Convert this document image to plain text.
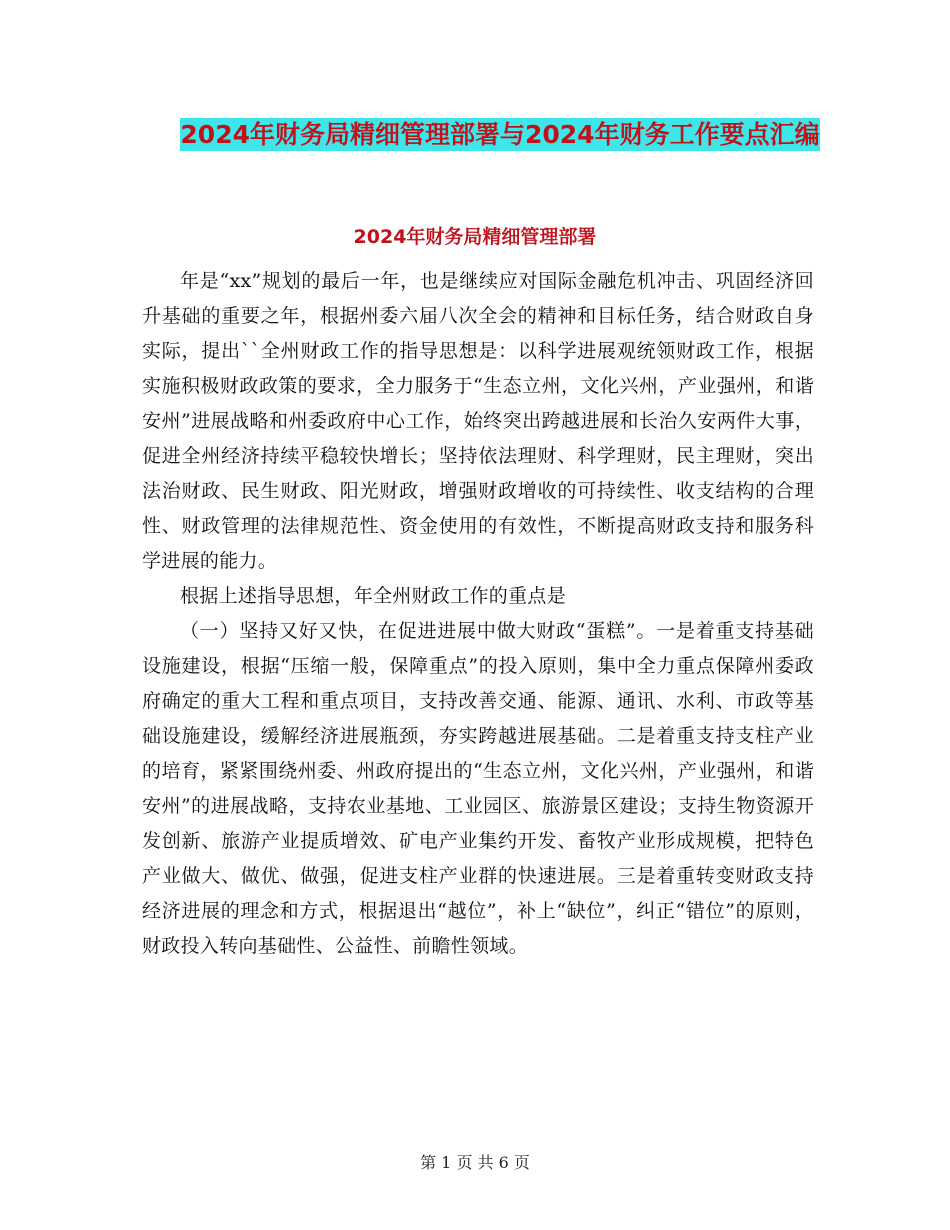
2024年财务局精细管理部署与2024年财务工作要点汇编
2024年财务局精细管理部署

年是“xx”规划的最后一年，也是继续应对国际金融危机冲击、巩固经济回升基础的重要之年，根据州委六届八次全会的精神和目标任务，结合财政自身实际，提出``全州财政工作的指导思想是：以科学进展观统领财政工作，根据实施积极财政政策的要求，全力服务于“生态立州，文化兴州，产业强州，和谐安州”进展战略和州委政府中心工作，始终突出跨越进展和长治久安两件大事，促进全州经济持续平稳较快增长；坚持依法理财、科学理财，民主理财，突出法治财政、民生财政、阳光财政，增强财政增收的可持续性、收支结构的合理性、财政管理的法律规范性、资金使用的有效性，不断提高财政支持和服务科学进展的能力。

根据上述指导思想，年全州财政工作的重点是

（一）坚持又好又快，在促进进展中做大财政“蛋糕”。一是着重支持基础设施建设，根据“压缩一般，保障重点”的投入原则，集中全力重点保障州委政府确定的重大工程和重点项目，支持改善交通、能源、通讯、水利、市政等基础设施建设，缓解经济进展瓶颈，夯实跨越进展基础。二是着重支持支柱产业的培育，紧紧围绕州委、州政府提出的“生态立州，文化兴州，产业强州，和谐安州”的进展战略，支持农业基地、工业园区、旅游景区建设；支持生物资源开发创新、旅游产业提质增效、矿电产业集约开发、畜牧产业形成规模，把特色产业做大、做优、做强，促进支柱产业群的快速进展。三是着重转变财政支持经济进展的理念和方式，根据退出“越位”，补上“缺位”，纠正“错位”的原则，财政投入转向基础性、公益性、前瞻性领域。

第 1 页 共 6 页
